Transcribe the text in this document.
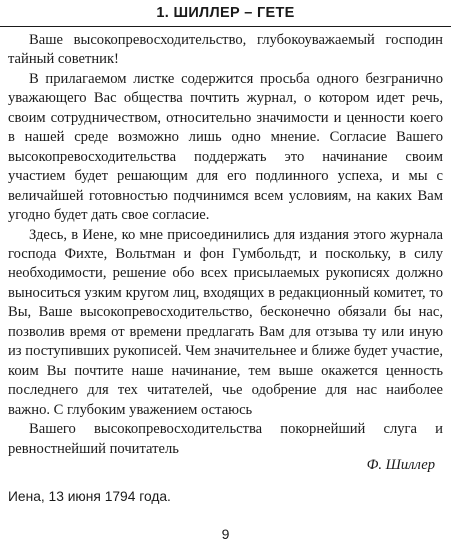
1. ШИЛЛЕР – ГЕТЕ

Ваше высокопревосходительство, глубокоуважаемый господин тайный советник!

В прилагаемом листке содержится просьба одного безгранично уважающего Вас общества почтить журнал, о котором идет речь, своим сотрудничеством, относительно значимости и ценности коего в нашей среде возможно лишь одно мнение. Согласие Вашего высокопревосходительства поддержать это начинание своим участием будет решающим для его подлинного успеха, и мы с величайшей готовностью подчинимся всем условиям, на каких Вам угодно будет дать свое согласие.

Здесь, в Иене, ко мне присоединились для издания этого журнала господа Фихте, Вольтман и фон Гумбольдт, и поскольку, в силу необходимости, решение обо всех присылаемых рукописях должно выноситься узким кругом лиц, входящих в редакционный комитет, то Вы, Ваше высокопревосходительство, бесконечно обязали бы нас, позволив время от времени предлагать Вам для отзыва ту или иную из поступивших рукописей. Чем значительнее и ближе будет участие, коим Вы почтите наше начинание, тем выше окажется ценность последнего для тех читателей, чье одобрение для нас наиболее важно. С глубоким уважением остаюсь

Вашего высокопревосходительства покорнейший слуга и ревностнейший почитатель

Ф. Шиллер
Иена, 13 июня 1794 года.
9
